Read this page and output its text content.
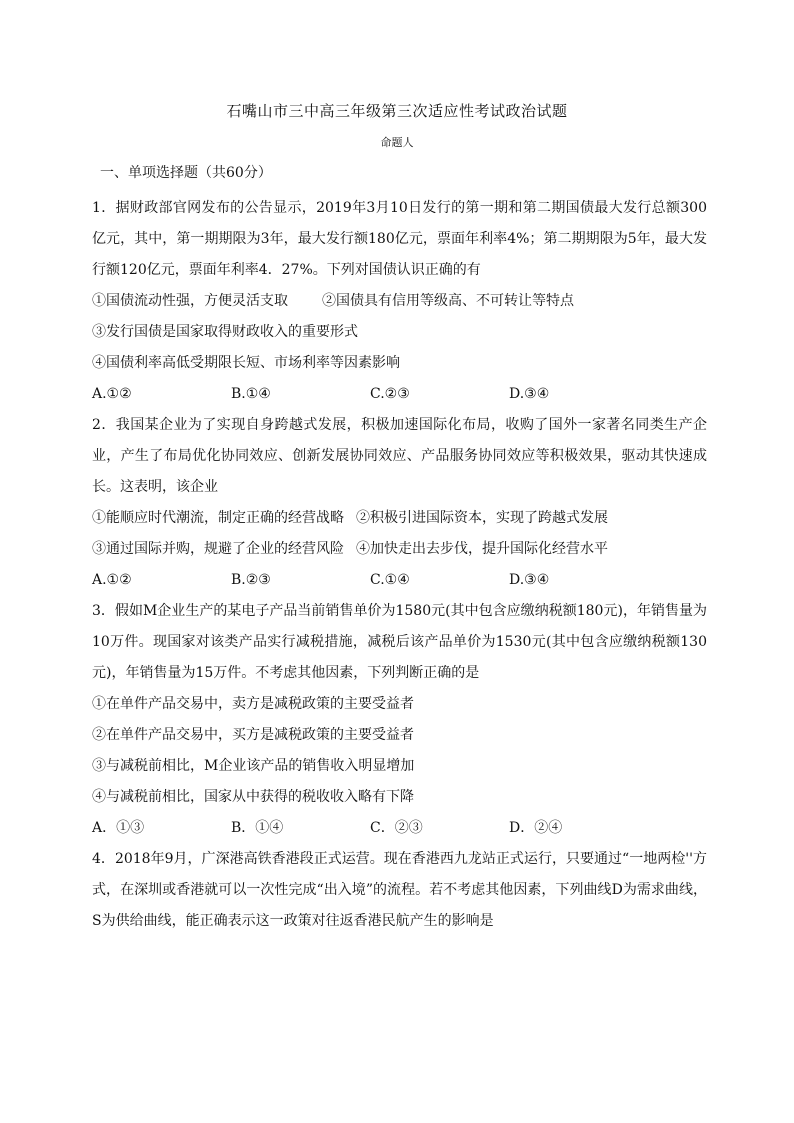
石嘴山市三中高三年级第三次适应性考试政治试题
命题人
一、单项选择题（共60分）
1．据财政部官网发布的公告显示，2019年3月10日发行的第一期和第二期国债最大发行总额300亿元，其中，第一期期限为3年，最大发行额180亿元，票面年利率4%；第二期期限为5年，最大发行额120亿元，票面年利率4．27%。下列对国债认识正确的有
①国债流动性强，方便灵活支取 ②国债具有信用等级高、不可转让等特点
③发行国债是国家取得财政收入的重要形式
④国债利率高低受期限长短、市场利率等因素影响
A.①②	B.①④	C.②③	D.③④
2．我国某企业为了实现自身跨越式发展，积极加速国际化布局，收购了国外一家著名同类生产企业，产生了布局优化协同效应、创新发展协同效应、产品服务协同效应等积极效果，驱动其快速成长。这表明，该企业
①能顺应时代潮流，制定正确的经营战略 ②积极引进国际资本，实现了跨越式发展
③通过国际并购，规避了企业的经营风险 ④加快走出去步伐，提升国际化经营水平
A.①②	B.②③	C.①④	D.③④
3．假如M企业生产的某电子产品当前销售单价为1580元(其中包含应缴纳税额180元)，年销售量为10万件。现国家对该类产品实行减税措施，减税后该产品单价为1530元(其中包含应缴纳税额130元)，年销售量为15万件。不考虑其他因素，下列判断正确的是
①在单件产品交易中，卖方是减税政策的主要受益者
②在单件产品交易中，买方是减税政策的主要受益者
③与减税前相比，M企业该产品的销售收入明显增加
④与减税前相比，国家从中获得的税收收入略有下降
A．①③	B．①④	C．②③	D．②④
4．2018年9月，广深港高铁香港段正式运营。现在香港西九龙站正式运行，只要通过“一地两检''方式，在深圳或香港就可以一次性完成“出入境”的流程。若不考虑其他因素，下列曲线D为需求曲线，S为供给曲线，能正确表示这一政策对往返香港民航产生的影响是
